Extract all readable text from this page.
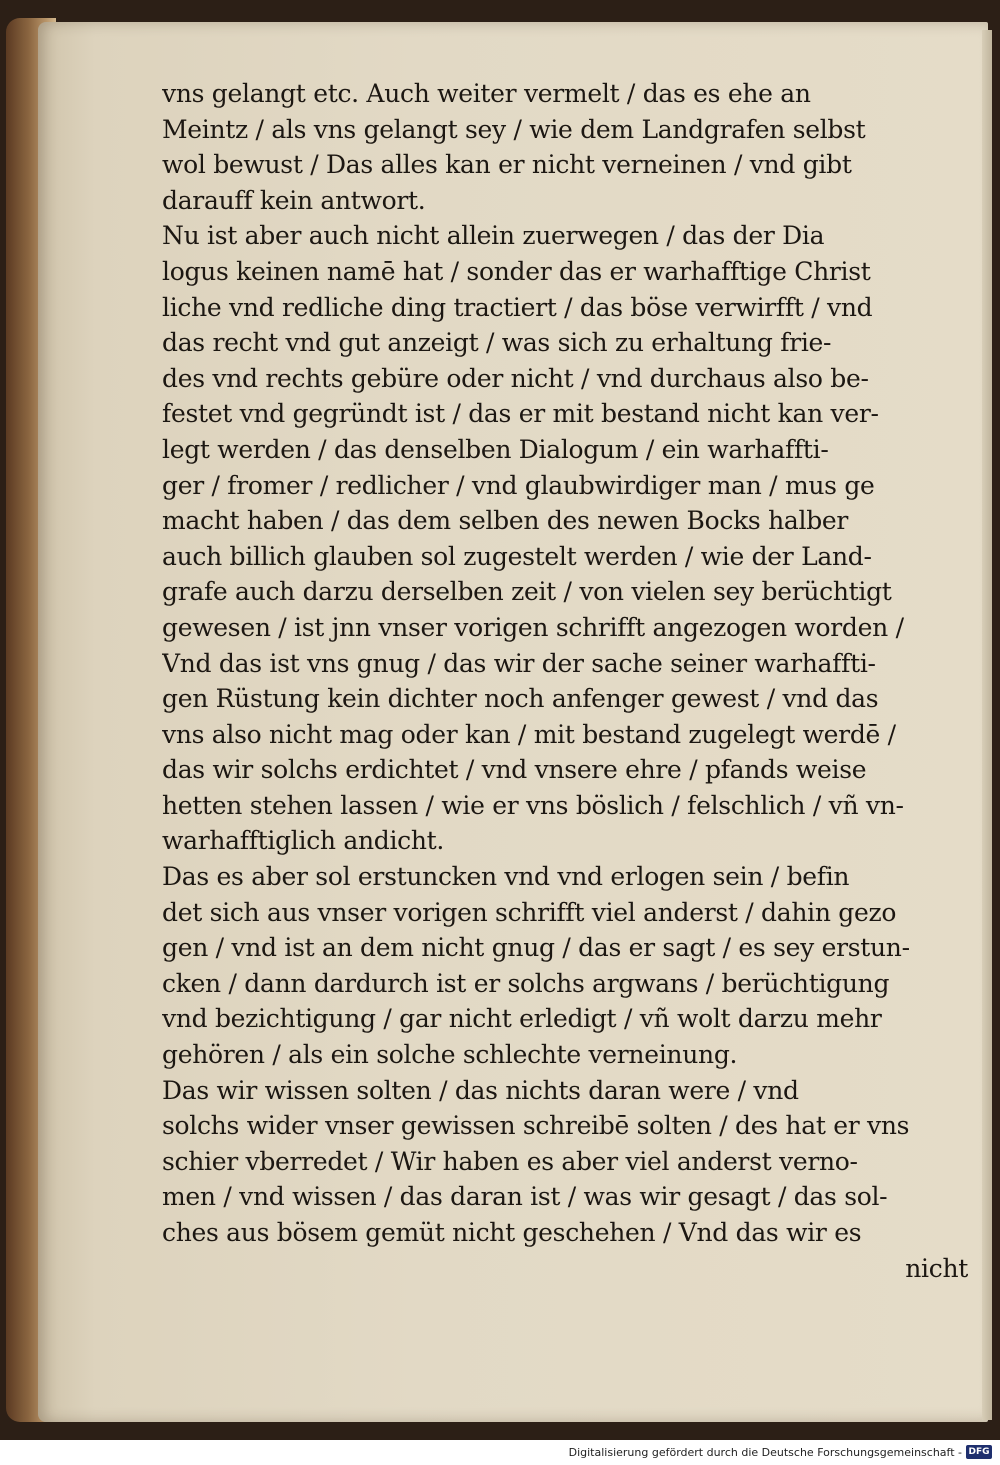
vns gelangt etc. Auch weiter vermelt / das es ehe an
Meintz / als vns gelangt sey / wie dem Landgrafen selbst
wol bewust / Das alles kan er nicht verneinen / vnd gibt
darauff kein antwort.
Nu ist aber auch nicht allein zuerwegen / das der Dia
logus keinen namē hat / sonder das er warhafftige Christ
liche vnd redliche ding tractiert / das böse verwirfft / vnd
das recht vnd gut anzeigt / was sich zu erhaltung frie-
des vnd rechts gebüre oder nicht / vnd durchaus also be-
festet vnd gegründt ist / das er mit bestand nicht kan ver-
legt werden / das denselben Dialogum / ein warhaffti-
ger / fromer / redlicher / vnd glaubwirdiger man / mus ge
macht haben / das dem selben des newen Bocks halber
auch billich glauben sol zugestelt werden / wie der Land-
grafe auch darzu derselben zeit / von vielen sey berüchtigt
gewesen / ist jnn vnser vorigen schrifft angezogen worden /
Vnd das ist vns gnug / das wir der sache seiner warhaffti-
gen Rüstung kein dichter noch anfenger gewest / vnd das
vns also nicht mag oder kan / mit bestand zugelegt werdē /
das wir solchs erdichtet / vnd vnsere ehre / pfands weise
hetten stehen lassen / wie er vns böslich / felschlich / vñ vn-
warhafftiglich andicht.
Das es aber sol erstuncken vnd vnd erlogen sein / befin
det sich aus vnser vorigen schrifft viel anderst / dahin gezo
gen / vnd ist an dem nicht gnug / das er sagt / es sey erstun-
cken / dann dardurch ist er solchs argwans / berüchtigung
vnd bezichtigung / gar nicht erledigt / vñ wolt darzu mehr
gehören / als ein solche schlechte verneinung.
Das wir wissen solten / das nichts daran were / vnd
solchs wider vnser gewissen schreibē solten / des hat er vns
schier vberredet / Wir haben es aber viel anderst verno-
men / vnd wissen / das daran ist / was wir gesagt / das sol-
ches aus bösem gemüt nicht geschehen / Vnd das wir es
nicht
Digitalisierung gefördert durch die Deutsche Forschungsgemeinschaft - DFG
